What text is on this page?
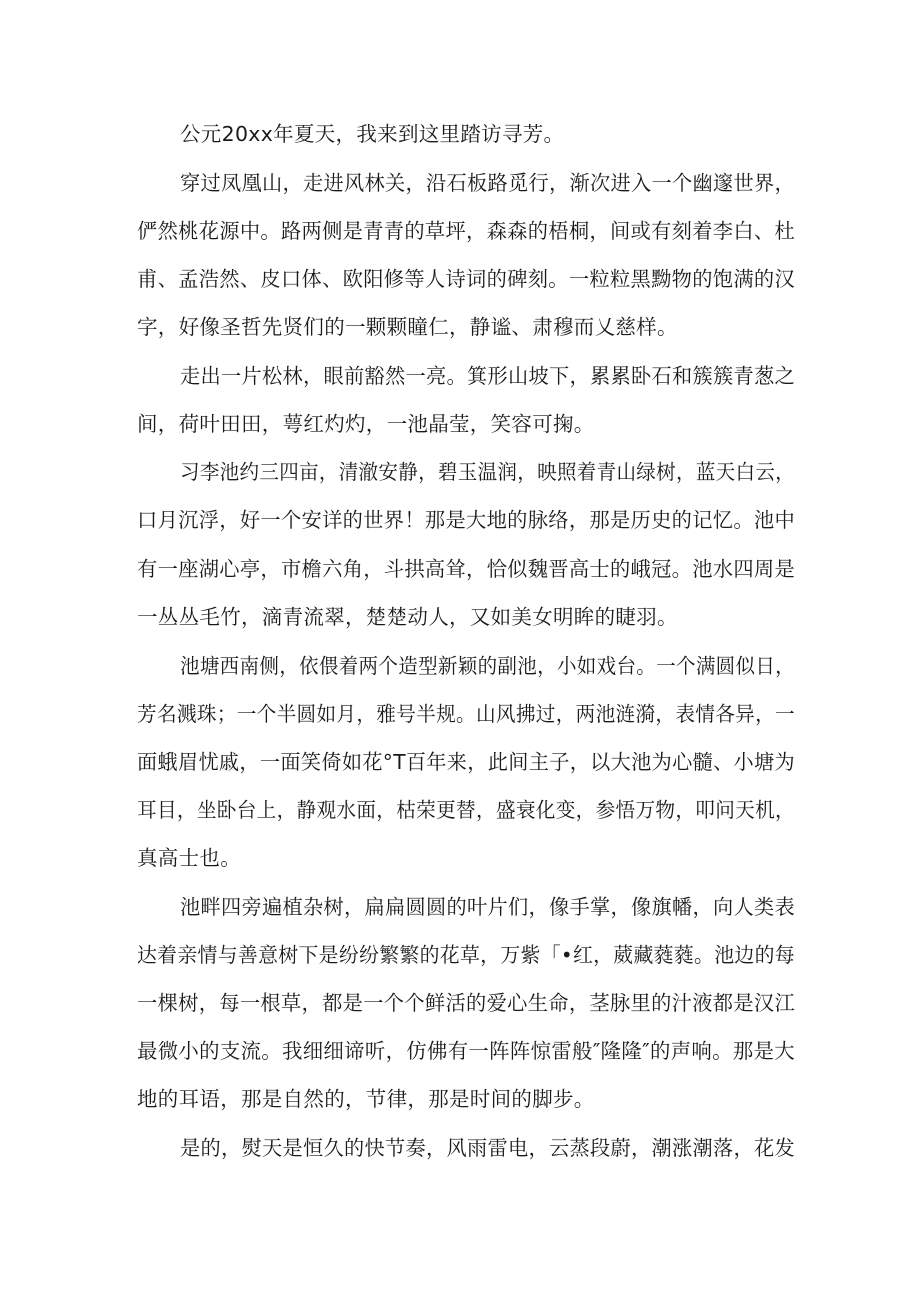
公元20xx年夏天，我来到这里踏访寻芳。
穿过凤凰山，走进风林关，沿石板路觅行，渐次进入一个幽邃世界，
俨然桃花源中。路两侧是青青的草坪，森森的梧桐，间或有刻着李白、杜
甫、孟浩然、皮口体、欧阳修等人诗词的碑刻。一粒粒黑黝物的饱满的汉
字，好像圣哲先贤们的一颗颗瞳仁，静谧、肃穆而乂慈样。
走出一片松林，眼前豁然一亮。箕形山坡下，累累卧石和簇簇青葱之
间，荷叶田田，萼红灼灼，一池晶莹，笑容可掬。
习李池约三四亩，清澈安静，碧玉温润，映照着青山绿树，蓝天白云，
口月沉浮，好一个安详的世界！那是大地的脉络，那是历史的记忆。池中
有一座湖心亭，市檐六角，斗拱高耸，恰似魏晋高士的峨冠。池水四周是
一丛丛毛竹，滴青流翠，楚楚动人，又如美女明眸的睫羽。
池塘西南侧，依偎着两个造型新颖的副池，小如戏台。一个满圆似日，
芳名溅珠；一个半圆如月，雅号半规。山风拂过，两池涟漪，表情各异，一
面蛾眉忧戚，一面笑倚如花°T百年来，此间主子，以大池为心髓、小塘为
耳目，坐卧台上，静观水面，枯荣更替，盛衰化变，参悟万物，叩问天机，
真高士也。
池畔四旁遍植杂树，扁扁圆圆的叶片们，像手掌，像旗幡，向人类表
达着亲情与善意树下是纷纷繁繁的花草，万紫「•红，葳藏蕤蕤。池边的每
一棵树，每一根草，都是一个个鲜活的爱心生命，茎脉里的汁液都是汉江
最微小的支流。我细细谛听，仿佛有一阵阵惊雷般″隆隆″的声响。那是大
地的耳语，那是自然的，节律，那是时间的脚步。
是的，熨天是恒久的快节奏，风雨雷电，云蒸段蔚，潮涨潮落，花发
